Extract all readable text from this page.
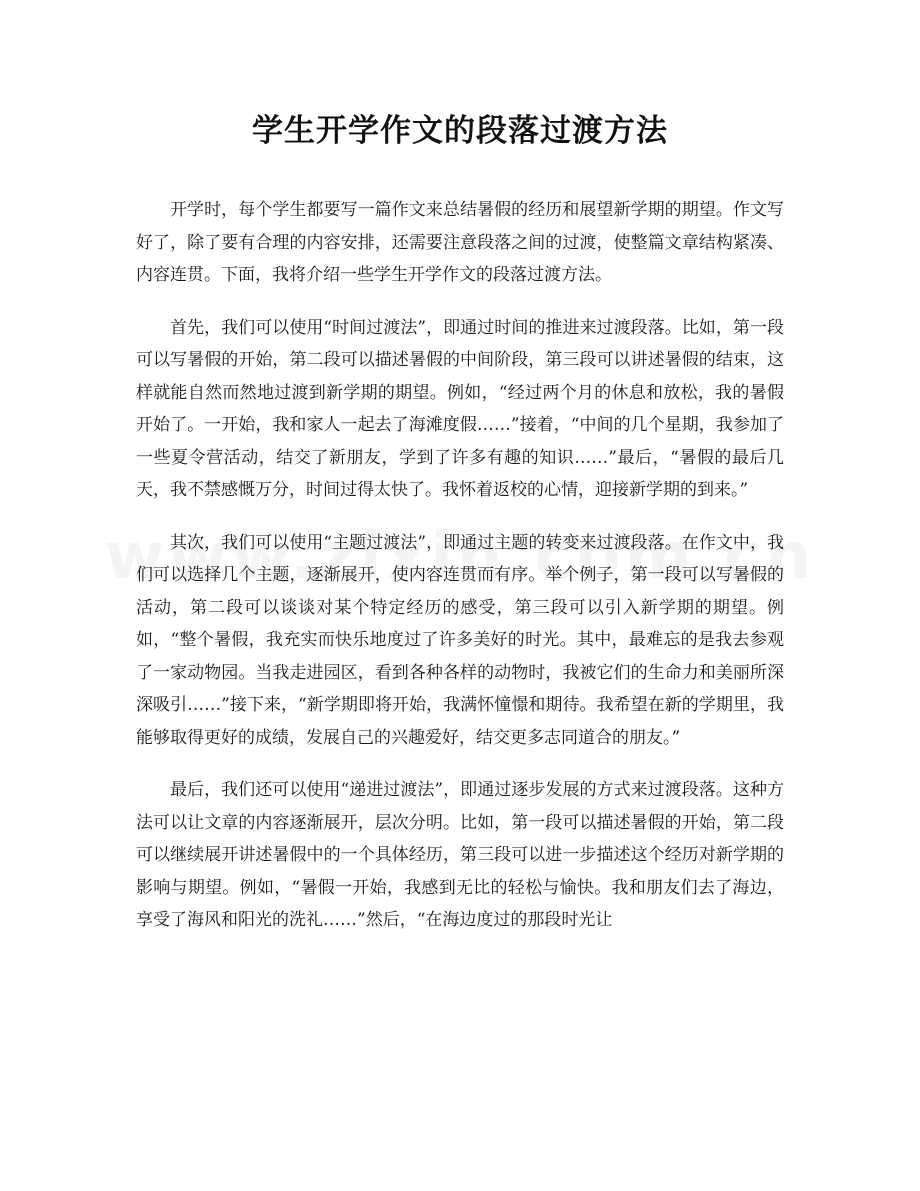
学生开学作文的段落过渡方法

开学时，每个学生都要写一篇作文来总结暑假的经历和展望新学期的期望。作文写好了，除了要有合理的内容安排，还需要注意段落之间的过渡，使整篇文章结构紧凑、内容连贯。下面，我将介绍一些学生开学作文的段落过渡方法。

首先，我们可以使用“时间过渡法”，即通过时间的推进来过渡段落。比如，第一段可以写暑假的开始，第二段可以描述暑假的中间阶段，第三段可以讲述暑假的结束，这样就能自然而然地过渡到新学期的期望。例如，“经过两个月的休息和放松，我的暑假开始了。一开始，我和家人一起去了海滩度假……”接着，“中间的几个星期，我参加了一些夏令营活动，结交了新朋友，学到了许多有趣的知识……”最后，“暑假的最后几天，我不禁感慨万分，时间过得太快了。我怀着返校的心情，迎接新学期的到来。”

其次，我们可以使用“主题过渡法”，即通过主题的转变来过渡段落。在作文中，我们可以选择几个主题，逐渐展开，使内容连贯而有序。举个例子，第一段可以写暑假的活动，第二段可以谈谈对某个特定经历的感受，第三段可以引入新学期的期望。例如，“整个暑假，我充实而快乐地度过了许多美好的时光。其中，最难忘的是我去参观了一家动物园。当我走进园区，看到各种各样的动物时，我被它们的生命力和美丽所深深吸引……”接下来，“新学期即将开始，我满怀憧憬和期待。我希望在新的学期里，我能够取得更好的成绩，发展自己的兴趣爱好，结交更多志同道合的朋友。”

最后，我们还可以使用“递进过渡法”，即通过逐步发展的方式来过渡段落。这种方法可以让文章的内容逐渐展开，层次分明。比如，第一段可以描述暑假的开始，第二段可以继续展开讲述暑假中的一个具体经历，第三段可以进一步描述这个经历对新学期的影响与期望。例如，“暑假一开始，我感到无比的轻松与愉快。我和朋友们去了海边，享受了海风和阳光的洗礼……”然后，“在海边度过的那段时光让
